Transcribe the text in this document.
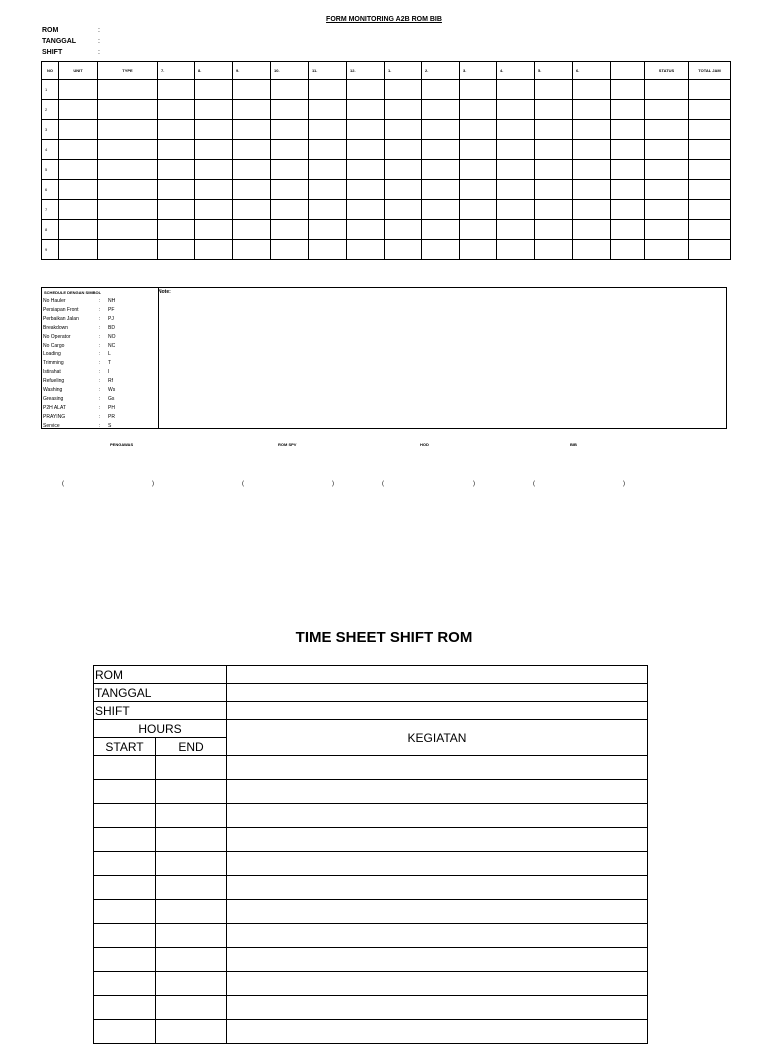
FORM MONITORING A2B ROM BIB
ROM	:
TANGGAL	:
SHIFT	:
NO	UNIT	TYPE	7.	8.	9.	10.	11.	12.	1.	2.	3.	4.	5.	6.		STATUS	TOTAL JAM
1																	
2																	
3																	
4																	
5																	
6																	
7																	
8																	
9																	
SCHEDULE DENGAN SIMBOL
No Hauler	: NH
Persiapan Front	: PF
Perbaikan Jalan	: PJ
Breakdown	: BD
No Operator	: NO
No Cargo	: NC
Loading	: L
Trimming	: T
Istirahat	: I
Refueling	: Rf
Washing	: Ws
Greasing	: Gs
P2H ALAT	: PH
PRAYING	: PR
Service	: S
Note:
PENGAWAS	ROM SPV	HOD	BIB
(	)	(	)	(	)	(	)
TIME SHEET SHIFT ROM
ROM		
TANGGAL		
SHIFT		
HOURS		KEGIATAN
START	END	
